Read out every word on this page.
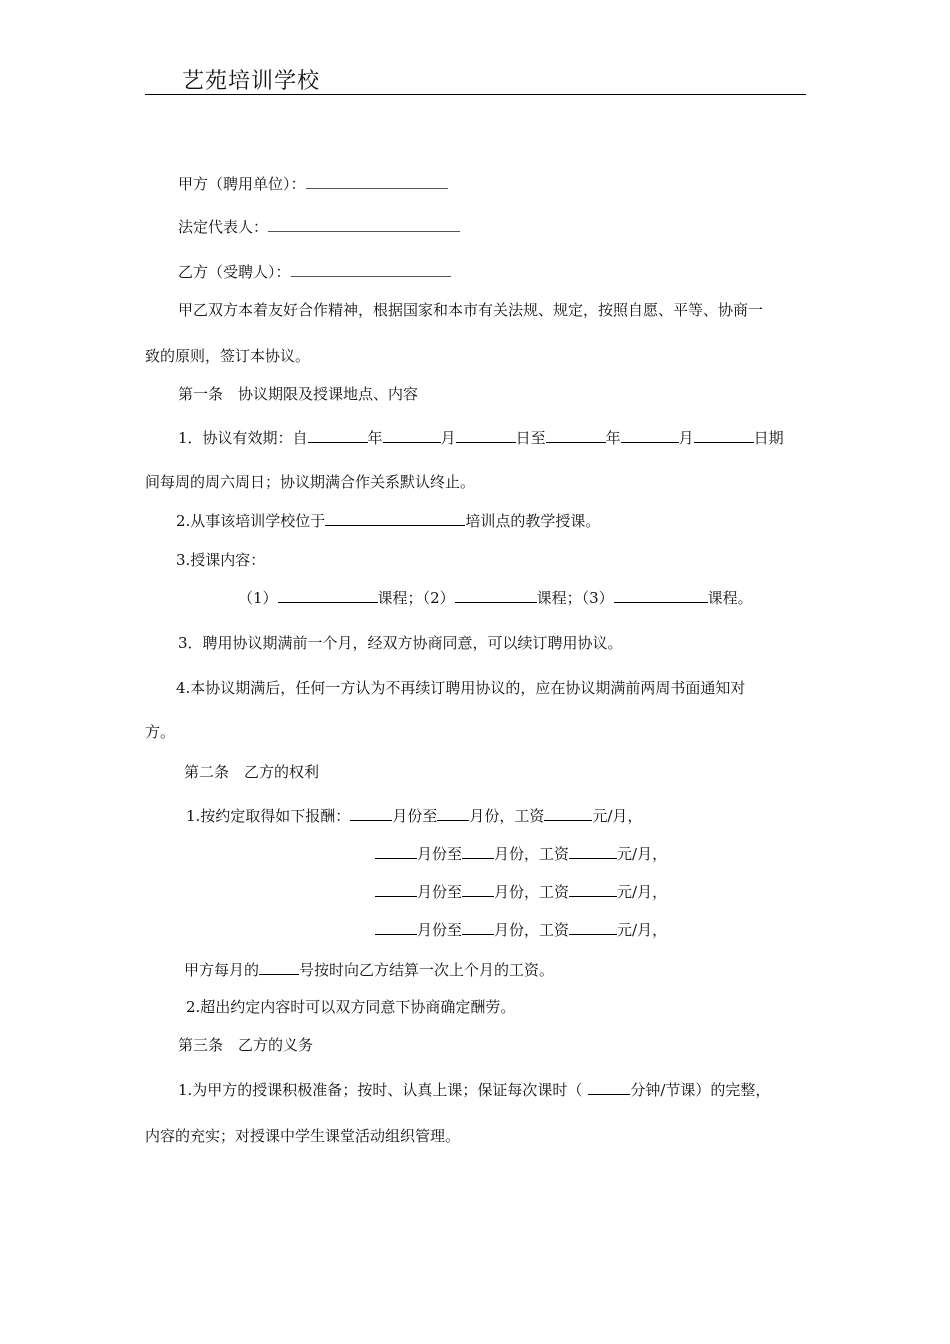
艺苑培训学校
甲方（聘用单位）：
法定代表人：
乙方（受聘人）：
甲乙双方本着友好合作精神，根据国家和本市有关法规、规定，按照自愿、平等、协商一
致的原则，签订本协议。
第一条　协议期限及授课地点、内容
1．协议有效期：自	年	月	日至	年	月	日期
间每周的周六周日；协议期满合作关系默认终止。
2.从事该培训学校位于	培训点的教学授课。
3.授课内容：
（1）	课程；（2）	课程；（3）	课程。
3．聘用协议期满前一个月，经双方协商同意，可以续订聘用协议。
4.本协议期满后，任何一方认为不再续订聘用协议的，应在协议期满前两周书面通知对
方。
第二条　乙方的权利
1.按约定取得如下报酬：	月份至 月份，工资	元/月，
月份至 月份，工资	元/月，
月份至 月份，工资	元/月，
月份至 月份，工资	元/月，
甲方每月的	号按时向乙方结算一次上个月的工资。
2.超出约定内容时可以双方同意下协商确定酬劳。
第三条　乙方的义务
1.为甲方的授课积极准备；按时、认真上课；保证每次课时（	分钟/节课）的完整，
内容的充实；对授课中学生课堂活动组织管理。
